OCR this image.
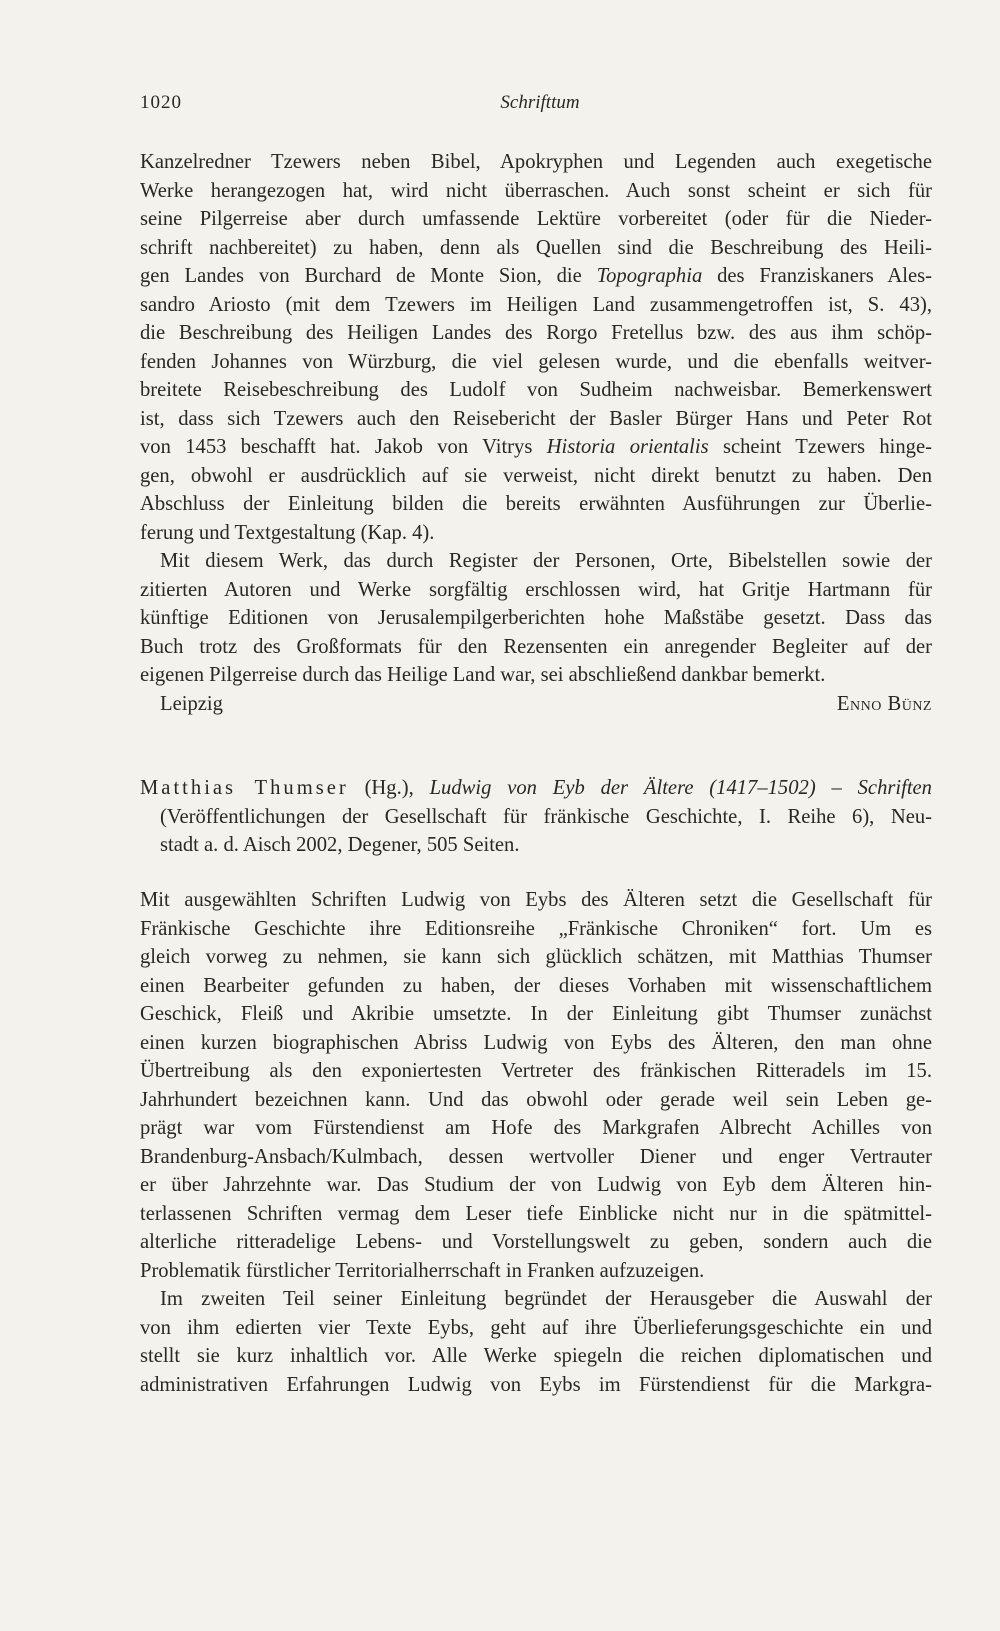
1020	Schrifttum
Kanzelredner Tzewers neben Bibel, Apokryphen und Legenden auch exegetische
Werke herangezogen hat, wird nicht überraschen. Auch sonst scheint er sich für
seine Pilgerreise aber durch umfassende Lektüre vorbereitet (oder für die Nieder-
schrift nachbereitet) zu haben, denn als Quellen sind die Beschreibung des Heili-
gen Landes von Burchard de Monte Sion, die Topographia des Franziskaners Ales-
sandro Ariosto (mit dem Tzewers im Heiligen Land zusammengetroffen ist, S. 43),
die Beschreibung des Heiligen Landes des Rorgo Fretellus bzw. des aus ihm schöp-
fenden Johannes von Würzburg, die viel gelesen wurde, und die ebenfalls weitver-
breitete Reisebeschreibung des Ludolf von Sudheim nachweisbar. Bemerkenswert
ist, dass sich Tzewers auch den Reisebericht der Basler Bürger Hans und Peter Rot
von 1453 beschafft hat. Jakob von Vitrys Historia orientalis scheint Tzewers hinge-
gen, obwohl er ausdrücklich auf sie verweist, nicht direkt benutzt zu haben. Den
Abschluss der Einleitung bilden die bereits erwähnten Ausführungen zur Überlie-
ferung und Textgestaltung (Kap. 4).
Mit diesem Werk, das durch Register der Personen, Orte, Bibelstellen sowie der
zitierten Autoren und Werke sorgfältig erschlossen wird, hat Gritje Hartmann für
künftige Editionen von Jerusalempilgerberichten hohe Maßstäbe gesetzt. Dass das
Buch trotz des Großformats für den Rezensenten ein anregender Begleiter auf der
eigenen Pilgerreise durch das Heilige Land war, sei abschließend dankbar bemerkt.
Leipzig	Enno Bünz
Matthias Thumser (Hg.), Ludwig von Eyb der Ältere (1417–1502) – Schriften
(Veröffentlichungen der Gesellschaft für fränkische Geschichte, I. Reihe 6), Neu-
stadt a. d. Aisch 2002, Degener, 505 Seiten.
Mit ausgewählten Schriften Ludwig von Eybs des Älteren setzt die Gesellschaft für
Fränkische Geschichte ihre Editionsreihe „Fränkische Chroniken“ fort. Um es
gleich vorweg zu nehmen, sie kann sich glücklich schätzen, mit Matthias Thumser
einen Bearbeiter gefunden zu haben, der dieses Vorhaben mit wissenschaftlichem
Geschick, Fleiß und Akribie umsetzte. In der Einleitung gibt Thumser zunächst
einen kurzen biographischen Abriss Ludwig von Eybs des Älteren, den man ohne
Übertreibung als den exponiertesten Vertreter des fränkischen Ritteradels im 15.
Jahrhundert bezeichnen kann. Und das obwohl oder gerade weil sein Leben ge-
prägt war vom Fürstendienst am Hofe des Markgrafen Albrecht Achilles von
Brandenburg-Ansbach/Kulmbach, dessen wertvoller Diener und enger Vertrauter
er über Jahrzehnte war. Das Studium der von Ludwig von Eyb dem Älteren hin-
terlassenen Schriften vermag dem Leser tiefe Einblicke nicht nur in die spätmittel-
alterliche ritteradelige Lebens- und Vorstellungswelt zu geben, sondern auch die
Problematik fürstlicher Territorialherrschaft in Franken aufzuzeigen.
Im zweiten Teil seiner Einleitung begründet der Herausgeber die Auswahl der
von ihm edierten vier Texte Eybs, geht auf ihre Überlieferungsgeschichte ein und
stellt sie kurz inhaltlich vor. Alle Werke spiegeln die reichen diplomatischen und
administrativen Erfahrungen Ludwig von Eybs im Fürstendienst für die Markgra-
